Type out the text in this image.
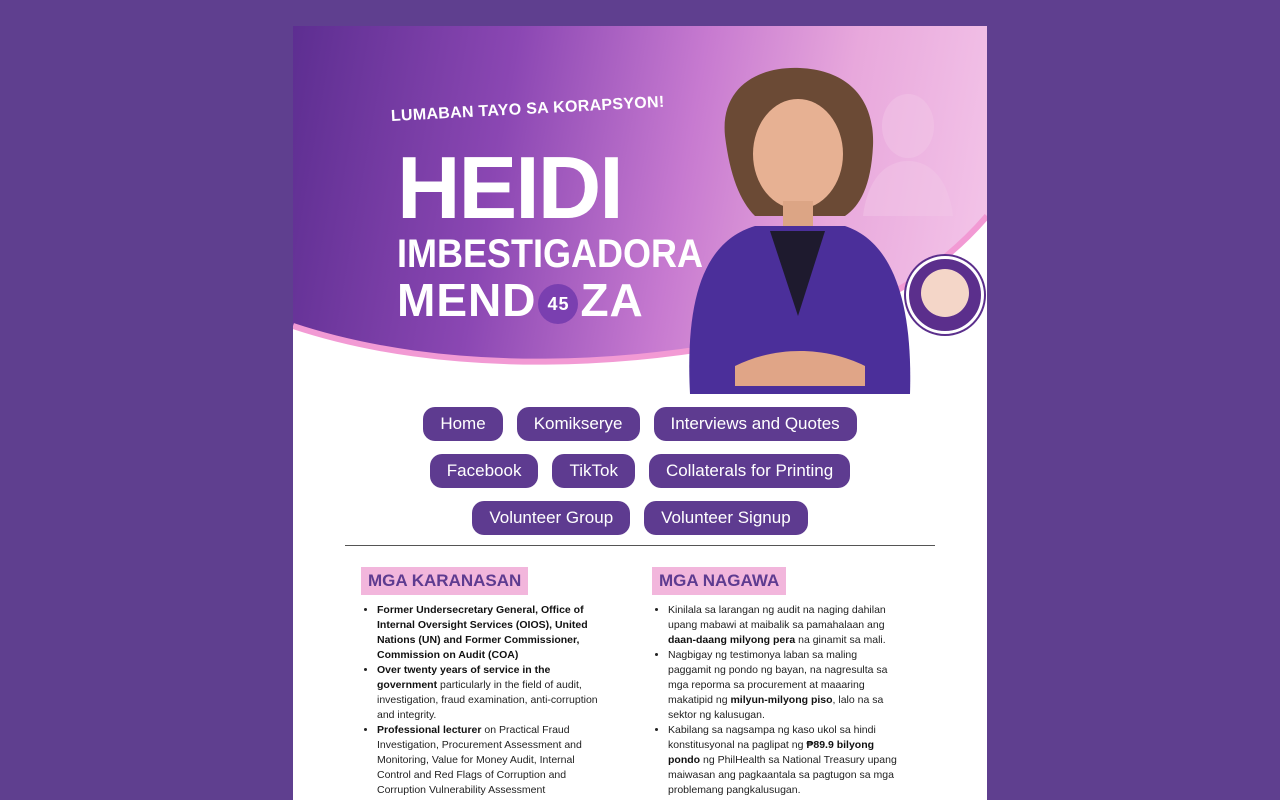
LUMABAN TAYO SA KORAPSYON!
HEIDI
IMBESTIGADORA
MEND 45 ZA
Home	Komikserye	Interviews and Quotes
Facebook	TikTok	Collaterals for Printing
Volunteer Group	Volunteer Signup
MGA KARANASAN
• Former Undersecretary General, Office of Internal Oversight Services (OIOS), United Nations (UN) and Former Commissioner, Commission on Audit (COA)
• Over twenty years of service in the government particularly in the field of audit, investigation, fraud examination, anti-corruption and integrity.
• Professional lecturer on Practical Fraud Investigation, Procurement Assessment and Monitoring, Value for Money Audit, Internal Control and Red Flags of Corruption and Corruption Vulnerability Assessment
MGA NAGAWA
• Kinilala sa larangan ng audit na naging dahilan upang mabawi at maibalik sa pamahalaan ang daan-daang milyong pera na ginamit sa mali.
• Nagbigay ng testimonya laban sa maling paggamit ng pondo ng bayan, na nagresulta sa mga reporma sa procurement at maaaring makatipid ng milyun-milyong piso, lalo na sa sektor ng kalusugan.
• Kabilang sa nagsampa ng kaso ukol sa hindi konstitusyonal na paglipat ng ₱89.9 bilyong pondo ng PhilHealth sa National Treasury upang maiwasan ang pagkaantala sa pagtugon sa mga problemang pangkalusugan.
